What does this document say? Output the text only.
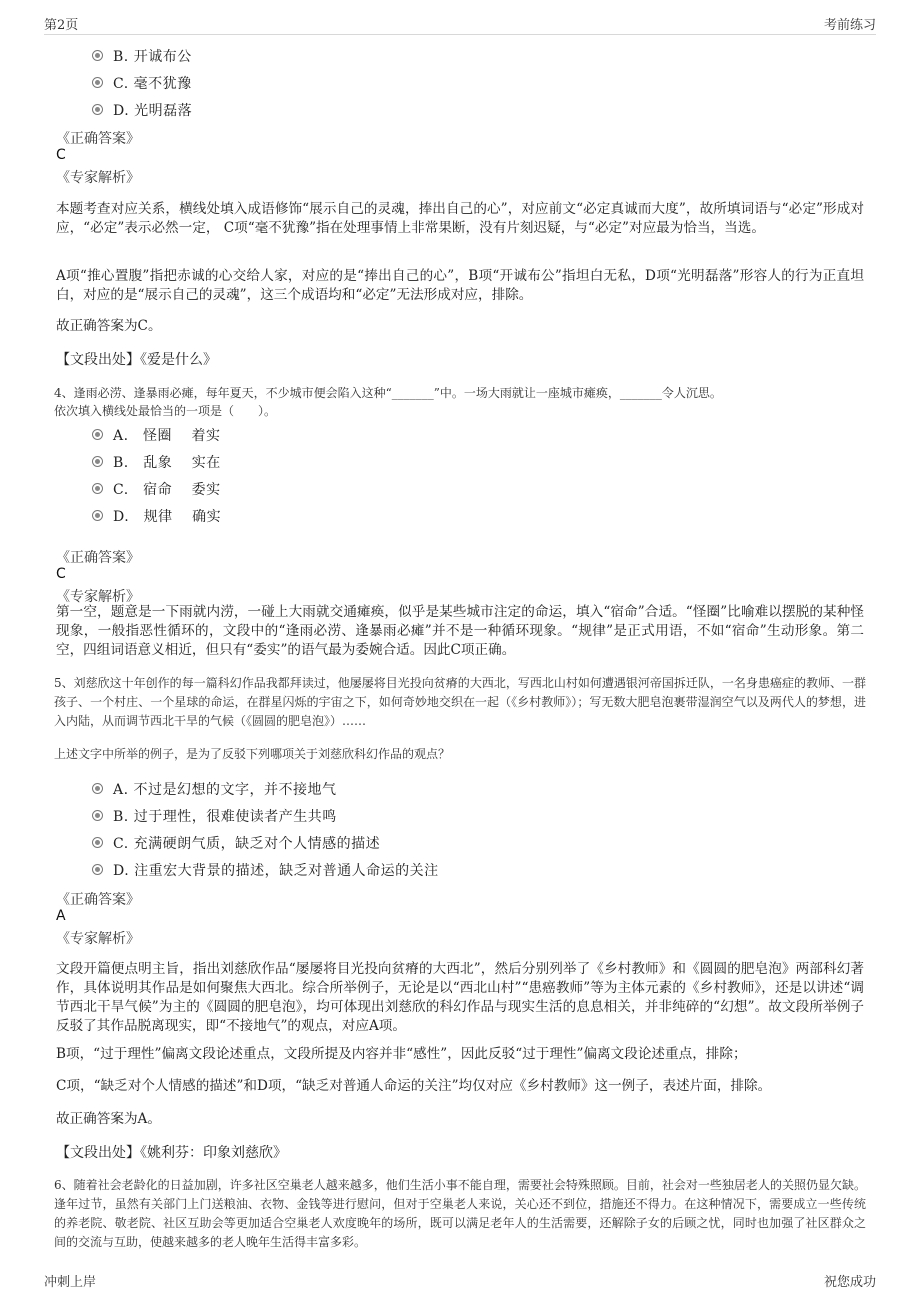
第2页	考前练习
B. 开诚布公
C. 毫不犹豫
D. 光明磊落
《正确答案》
C
《专家解析》
本题考查对应关系，横线处填入成语修饰“展示自己的灵魂，捧出自己的心”，对应前文“必定真诚而大度”，故所填词语与“必定”形成对应，“必定”表示必然一定， C项“毫不犹豫”指在处理事情上非常果断，没有片刻迟疑，与“必定”对应最为恰当，当选。
A项“推心置腹”指把赤诚的心交给人家，对应的是“捧出自己的心”，B项“开诚布公”指坦白无私，D项“光明磊落”形容人的行为正直坦白，对应的是“展示自己的灵魂”，这三个成语均和“必定”无法形成对应，排除。
故正确答案为C。
【文段出处】《爱是什么》
4、逢雨必涝、逢暴雨必瘫，每年夏天，不少城市便会陷入这种“_______”中。一场大雨就让一座城市瘫痪，_______令人沉思。
依次填入横线处最恰当的一项是（　　）。
A.　怪圈　 着实
B.　乱象　 实在
C.　宿命　 委实
D.　规律　 确实
《正确答案》
C
《专家解析》
第一空，题意是一下雨就内涝，一碰上大雨就交通瘫痪，似乎是某些城市注定的命运，填入“宿命”合适。“怪圈”比喻难以摆脱的某种怪现象，一般指恶性循环的，文段中的“逢雨必涝、逢暴雨必瘫”并不是一种循环现象。“规律”是正式用语，不如“宿命”生动形象。第二空，四组词语意义相近，但只有“委实”的语气最为委婉合适。因此C项正确。
5、刘慈欣这十年创作的每一篇科幻作品我都拜读过，他屡屡将目光投向贫瘠的大西北，写西北山村如何遭遇银河帝国拆迁队，一名身患癌症的教师、一群孩子、一个村庄、一个星球的命运，在群星闪烁的宇宙之下，如何奇妙地交织在一起（《乡村教师》）；写无数大肥皂泡裹带湿润空气以及两代人的梦想，进入内陆，从而调节西北干旱的气候（《圆圆的肥皂泡》）……
上述文字中所举的例子，是为了反驳下列哪项关于刘慈欣科幻作品的观点？
A. 不过是幻想的文字，并不接地气
B. 过于理性，很难使读者产生共鸣
C. 充满硬朗气质，缺乏对个人情感的描述
D. 注重宏大背景的描述，缺乏对普通人命运的关注
《正确答案》
A
《专家解析》
文段开篇便点明主旨，指出刘慈欣作品“屡屡将目光投向贫瘠的大西北”，然后分别列举了《乡村教师》和《圆圆的肥皂泡》两部科幻著作，具体说明其作品是如何聚焦大西北。综合所举例子，无论是以“西北山村”“患癌教师”等为主体元素的《乡村教师》，还是以讲述“调节西北干旱气候”为主的《圆圆的肥皂泡》，均可体现出刘慈欣的科幻作品与现实生活的息息相关，并非纯碎的“幻想”。故文段所举例子反驳了其作品脱离现实，即“不接地气”的观点，对应A项。
B项，“过于理性”偏离文段论述重点，文段所提及内容并非“感性”，因此反驳“过于理性”偏离文段论述重点，排除；
C项，“缺乏对个人情感的描述”和D项，“缺乏对普通人命运的关注”均仅对应《乡村教师》这一例子，表述片面，排除。
故正确答案为A。
【文段出处】《姚利芬：印象刘慈欣》
6、随着社会老龄化的日益加剧，许多社区空巢老人越来越多，他们生活小事不能自理，需要社会特殊照顾。目前，社会对一些独居老人的关照仍显欠缺。逢年过节，虽然有关部门上门送粮油、衣物、金钱等进行慰问，但对于空巢老人来说，关心还不到位，措施还不得力。在这种情况下，需要成立一些传统的养老院、敬老院、社区互助会等更加适合空巢老人欢度晚年的场所，既可以满足老年人的生活需要，还解除子女的后顾之忧，同时也加强了社区群众之间的交流与互助，使越来越多的老人晚年生活得丰富多彩。
冲刺上岸	祝您成功
